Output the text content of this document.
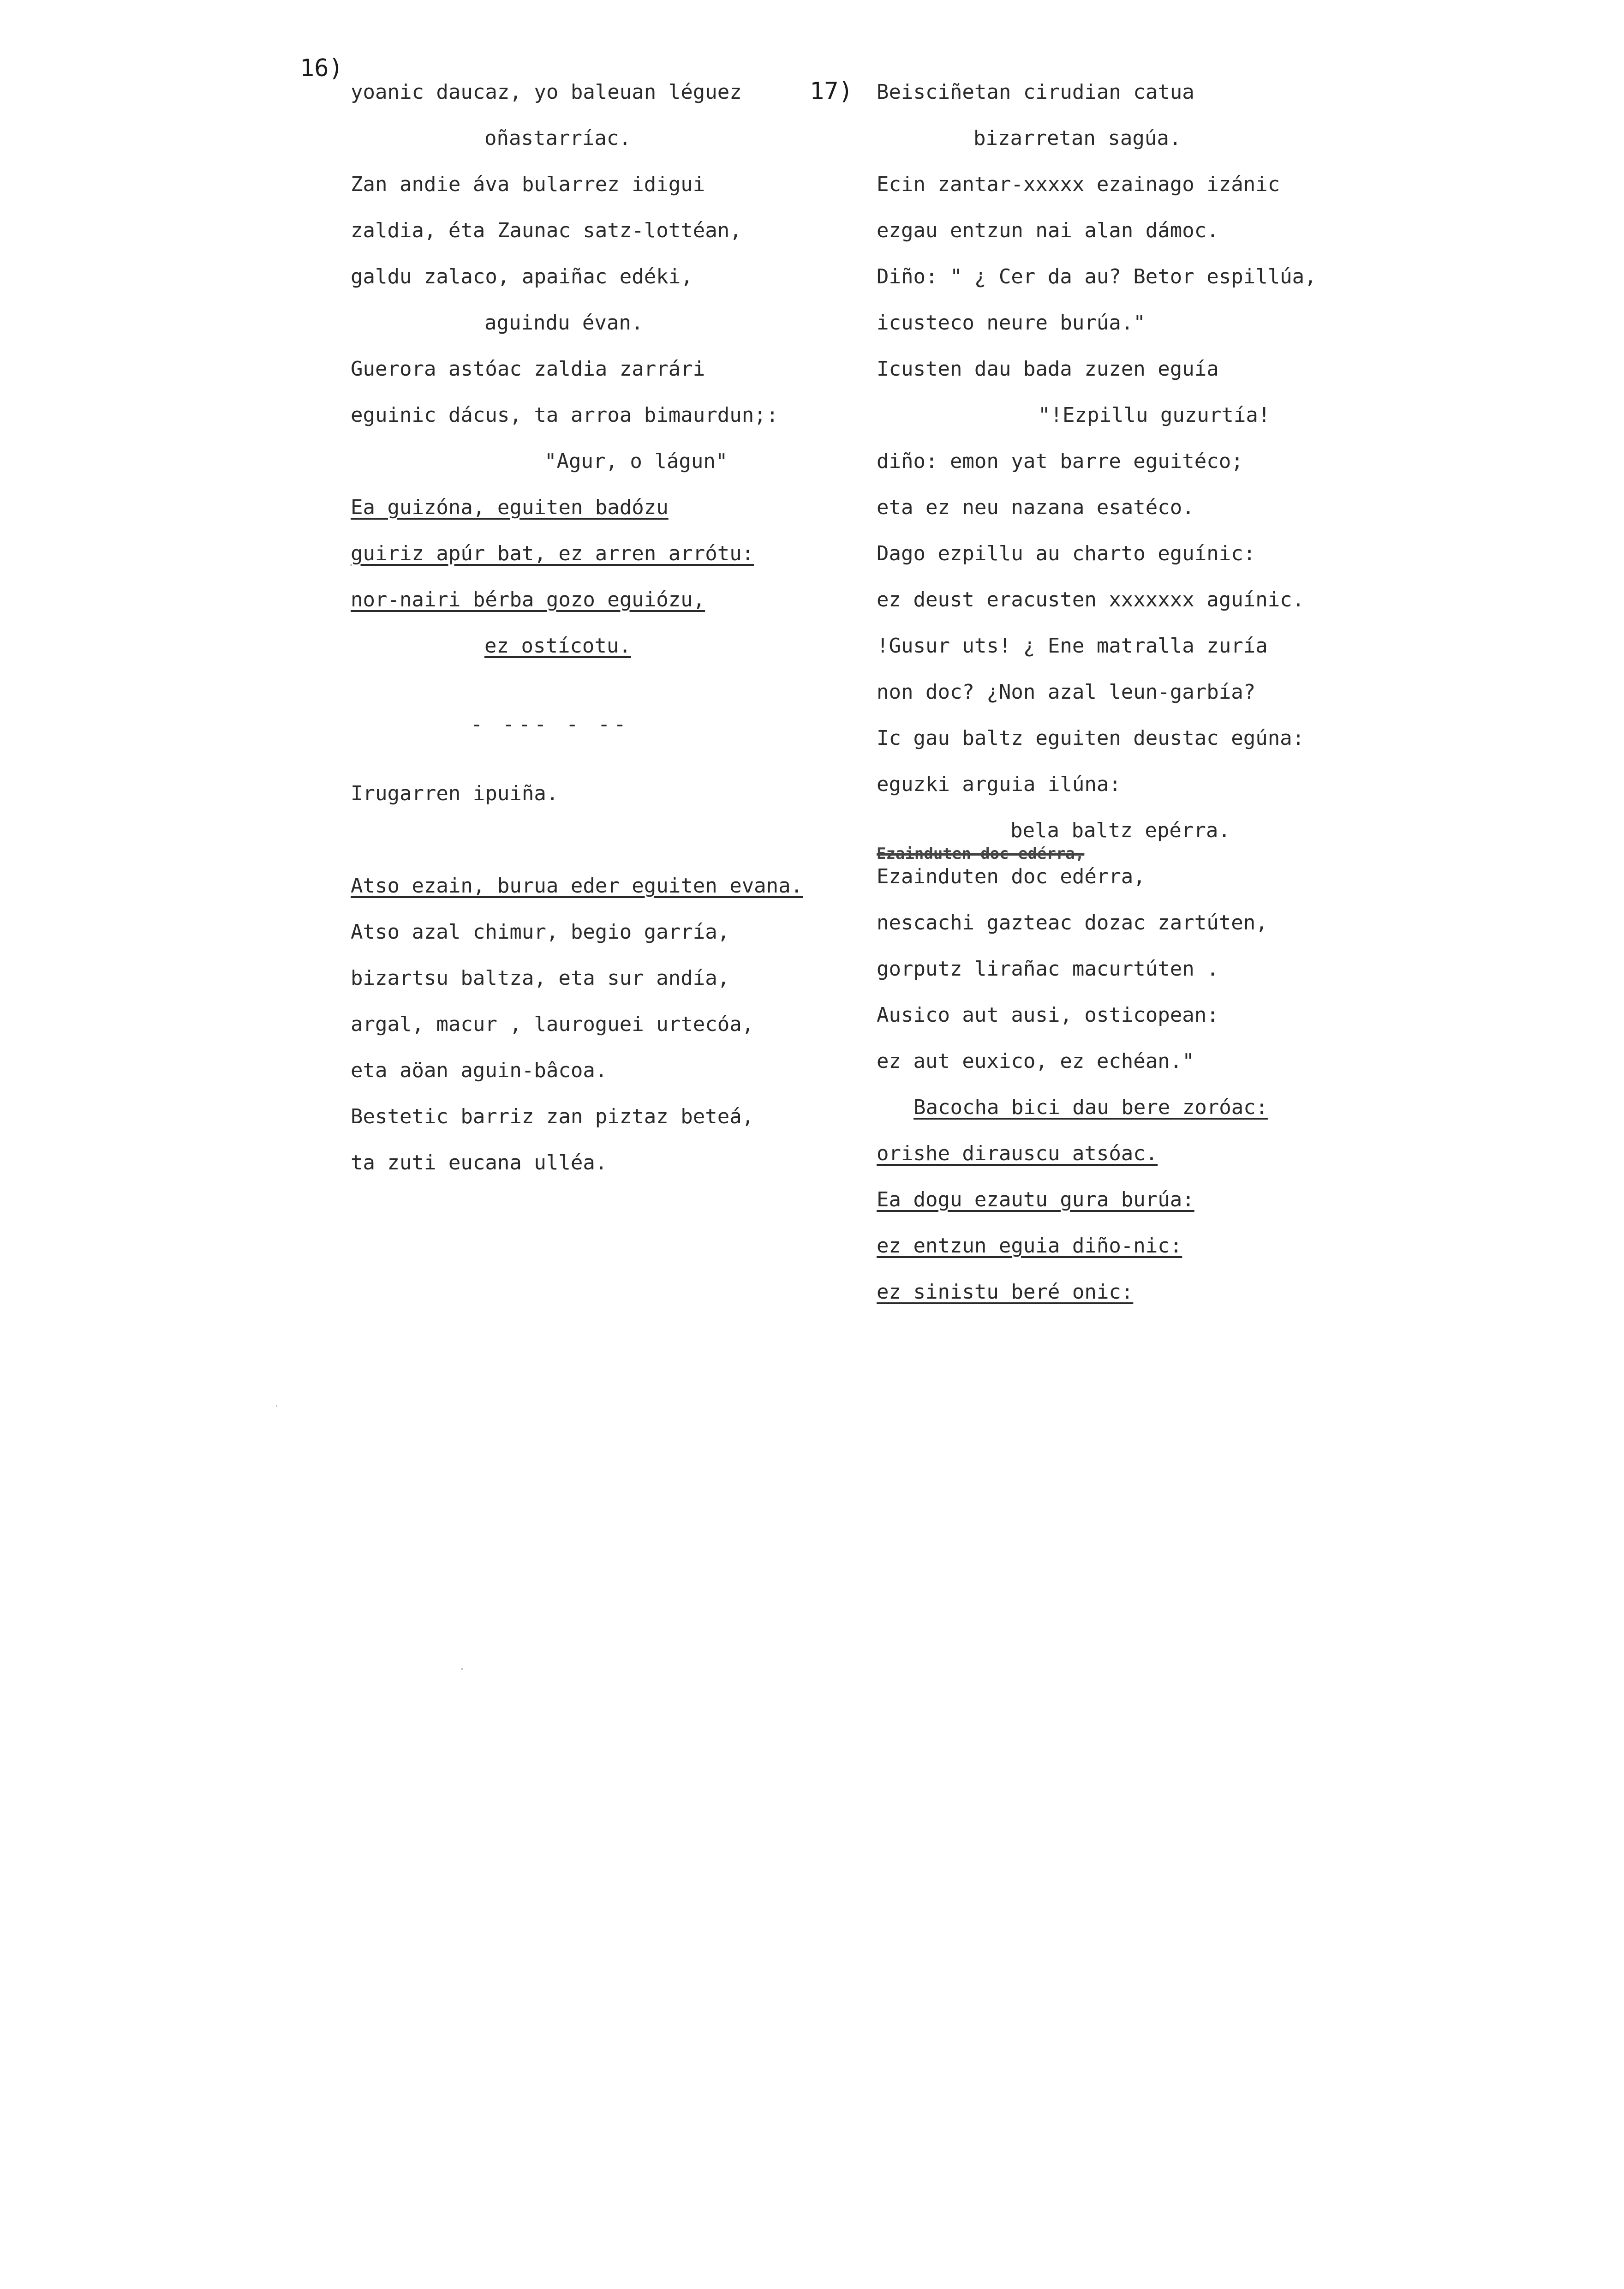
16)
17)
yoanic daucaz, yo baleuan léguez
oñastarríac.
Zan andie áva bularrez idigui
zaldia, éta Zaunac satz-lottéan,
galdu zalaco, apaiñac edéki,
aguindu évan.
Guerora astóac zaldia zarrári
eguinic dácus, ta arroa bimaurdun;:
"Agur, o lágun"
Ea guizóna, eguiten badózu
guiriz apúr bat, ez arren arrótu:
nor-nairi bérba gozo eguiózu,
ez ostícotu.
- --- - --
Irugarren ipuiña.
Atso ezain, burua eder eguiten evana.
Atso azal chimur, begio garría,
bizartsu baltza, eta sur andía,
argal, macur , lauroguei urtecóa,
eta aöan aguin-bâcoa.
Bestetic barriz zan piztaz beteá,
ta zuti eucana ulléa.
Beisciñetan cirudian catua
bizarretan sagúa.
Ecin zantar-xxxxx ezainago izánic
ezgau entzun nai alan dámoc.
Diño: " ¿ Cer da au? Betor espillúa,
icusteco neure burúa."
Icusten dau bada zuzen eguía
"!Ezpillu guzurtía!
diño: emon yat barre eguitéco;
eta ez neu nazana esatéco.
Dago ezpillu au charto eguínic:
ez deust eracusten xxxxxxx aguínic.
!Gusur uts! ¿ Ene matralla zuría
non doc? ¿Non azal leun-garbía?
Ic gau baltz eguiten deustac egúna:
eguzki arguia ilúna:
bela baltz epérra.
Ezainduten doc edérra,
Ezainduten doc edérra,
nescachi gazteac dozac zartúten,
gorputz lirañac macurtúten .
Ausico aut ausi, osticopean:
ez aut euxico, ez echéan."
Bacocha bici dau bere zoróac:
orishe dirauscu atsóac.
Ea dogu ezautu gura burúa:
ez entzun eguia diño-nic:
ez sinistu beré onic:
